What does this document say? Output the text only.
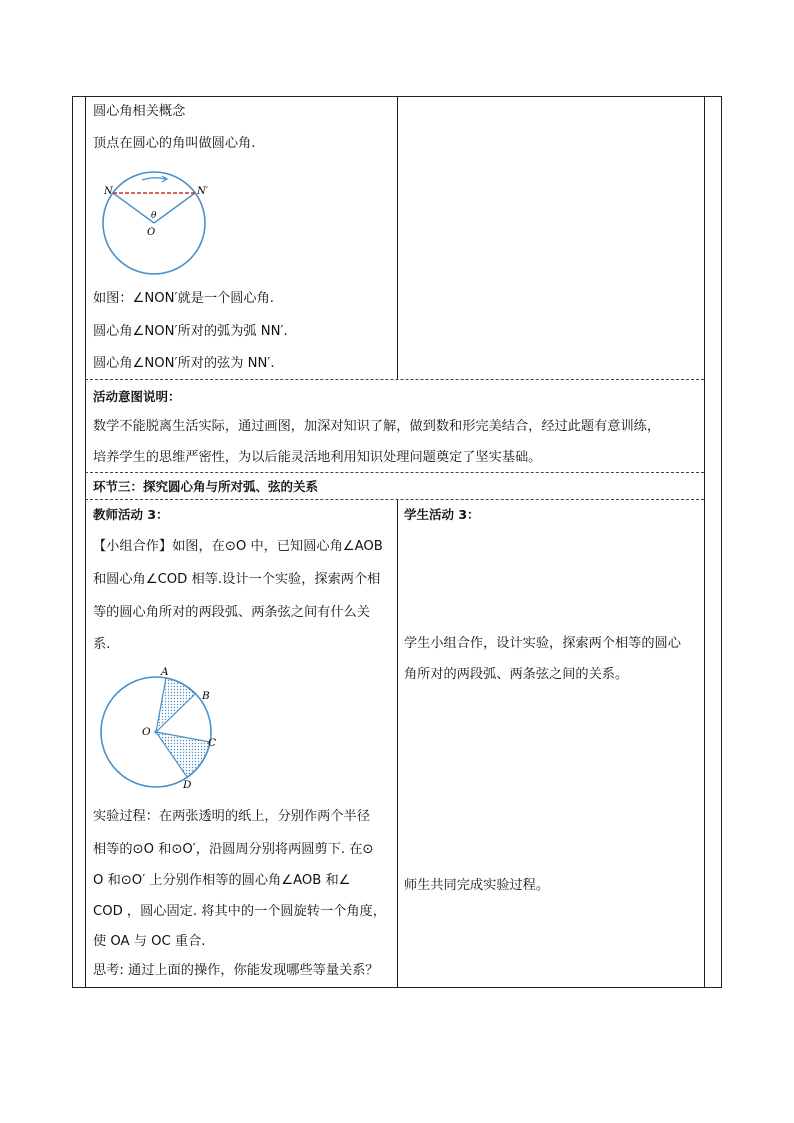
圆心角相关概念
顶点在圆心的角叫做圆心角.
N	N′
θ
O
如图：∠NON′就是一个圆心角.
圆心角∠NON′所对的弧为弧 NN′.
圆心角∠NON′所对的弦为 NN′.
活动意图说明：
数学不能脱离生活实际，通过画图，加深对知识了解，做到数和形完美结合，经过此题有意训练，
培养学生的思维严密性，为以后能灵活地利用知识处理问题奠定了坚实基础。
环节三：探究圆心角与所对弧、弦的关系
教师活动 3：
【小组合作】如图，在⊙O 中，已知圆心角∠AOB
和圆心角∠COD 相等.设计一个实验，探索两个相
等的圆心角所对的两段弧、两条弦之间有什么关
系.
A
B
O
C
D
实验过程：在两张透明的纸上，分别作两个半径
相等的⊙O 和⊙O′，沿圆周分别将两圆剪下. 在⊙
O 和⊙O′ 上分别作相等的圆心角∠AOB 和∠
COD ，圆心固定. 将其中的一个圆旋转一个角度，
使 OA 与 OC 重合.
思考: 通过上面的操作，你能发现哪些等量关系？
学生活动 3：
学生小组合作，设计实验，探索两个相等的圆心
角所对的两段弧、两条弦之间的关系。
师生共同完成实验过程。
